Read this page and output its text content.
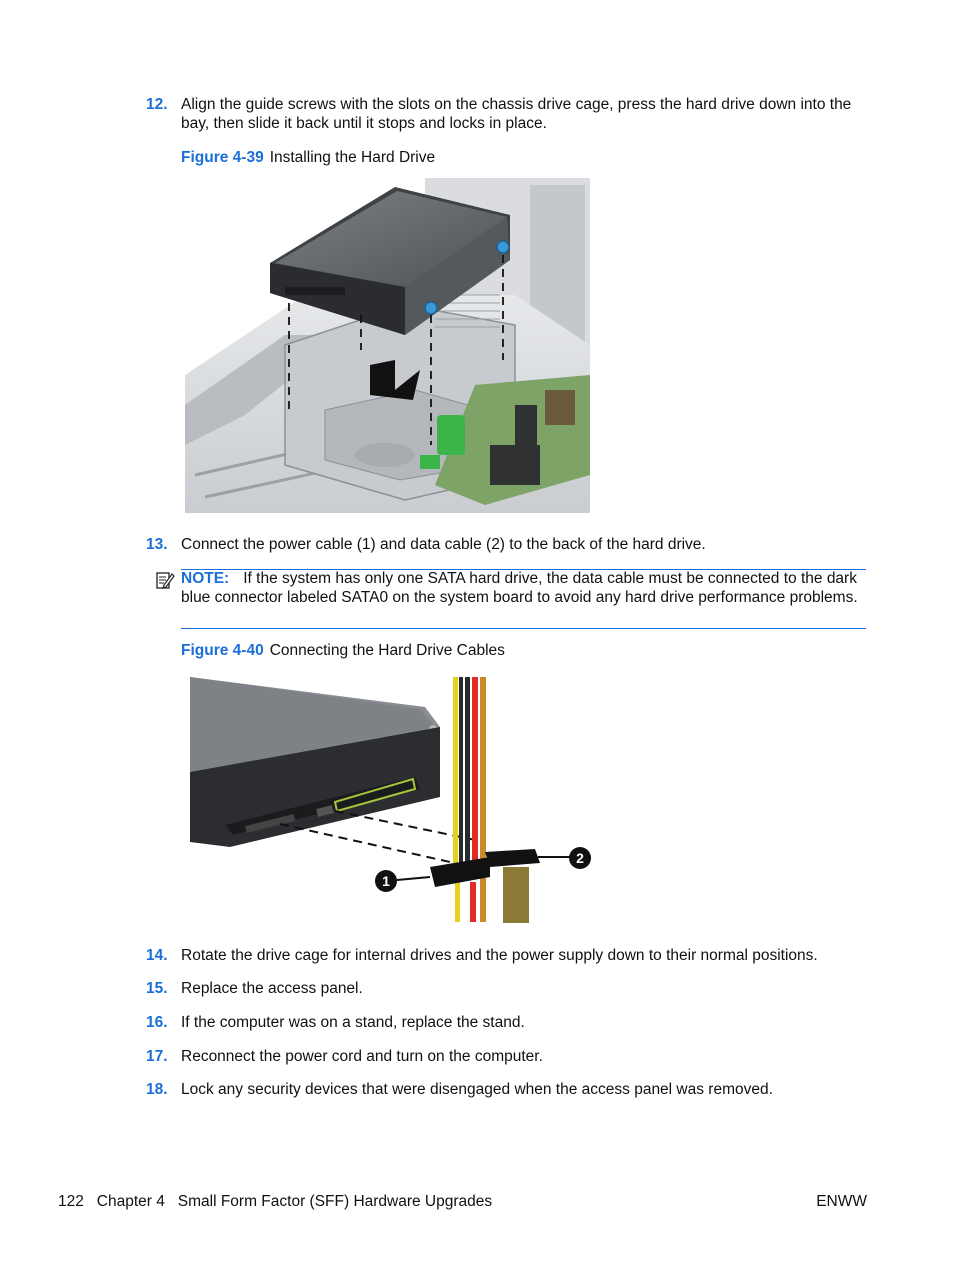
12. Align the guide screws with the slots on the chassis drive cage, press the hard drive down into the bay, then slide it back until it stops and locks in place.
Figure 4-39 Installing the Hard Drive
13. Connect the power cable (1) and data cable (2) to the back of the hard drive.
NOTE: If the system has only one SATA hard drive, the data cable must be connected to the dark blue connector labeled SATA0 on the system board to avoid any hard drive performance problems.
Figure 4-40 Connecting the Hard Drive Cables
1
2
14. Rotate the drive cage for internal drives and the power supply down to their normal positions.
15. Replace the access panel.
16. If the computer was on a stand, replace the stand.
17. Reconnect the power cord and turn on the computer.
18. Lock any security devices that were disengaged when the access panel was removed.
122   Chapter 4   Small Form Factor (SFF) Hardware Upgrades	ENWW
